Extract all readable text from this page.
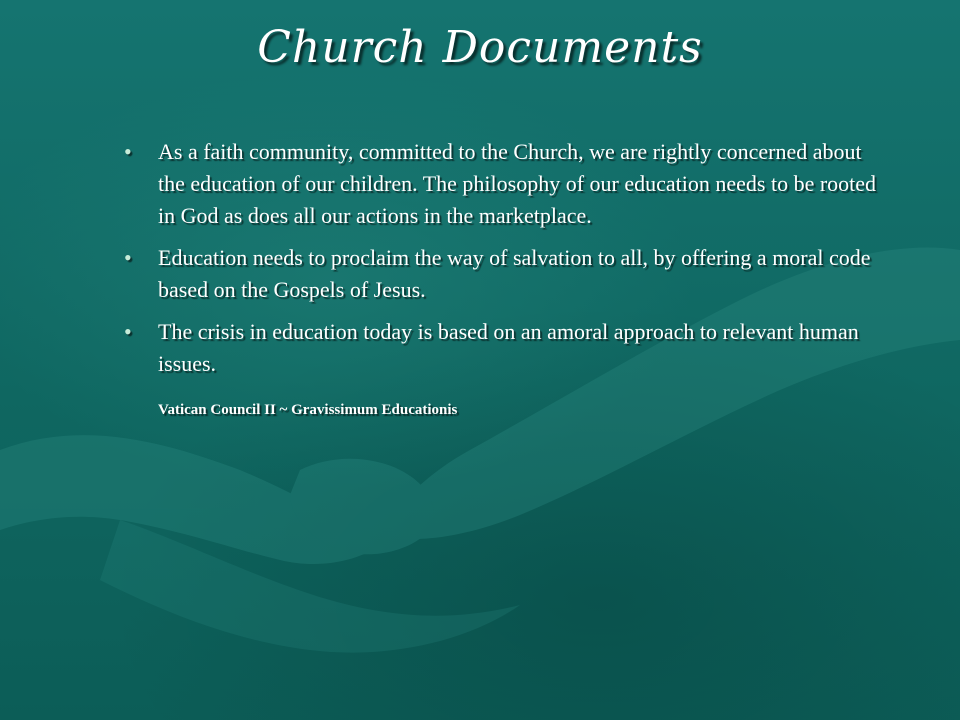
Church Documents
• As a faith community, committed to the Church, we are rightly concerned about the education of our children. The philosophy of our education needs to be rooted in God as does all our actions in the marketplace.
• Education needs to proclaim the way of salvation to all, by offering a moral code based on the Gospels of Jesus.
• The crisis in education today is based on an amoral approach to relevant human issues.
Vatican Council II ~ Gravissimum Educationis
